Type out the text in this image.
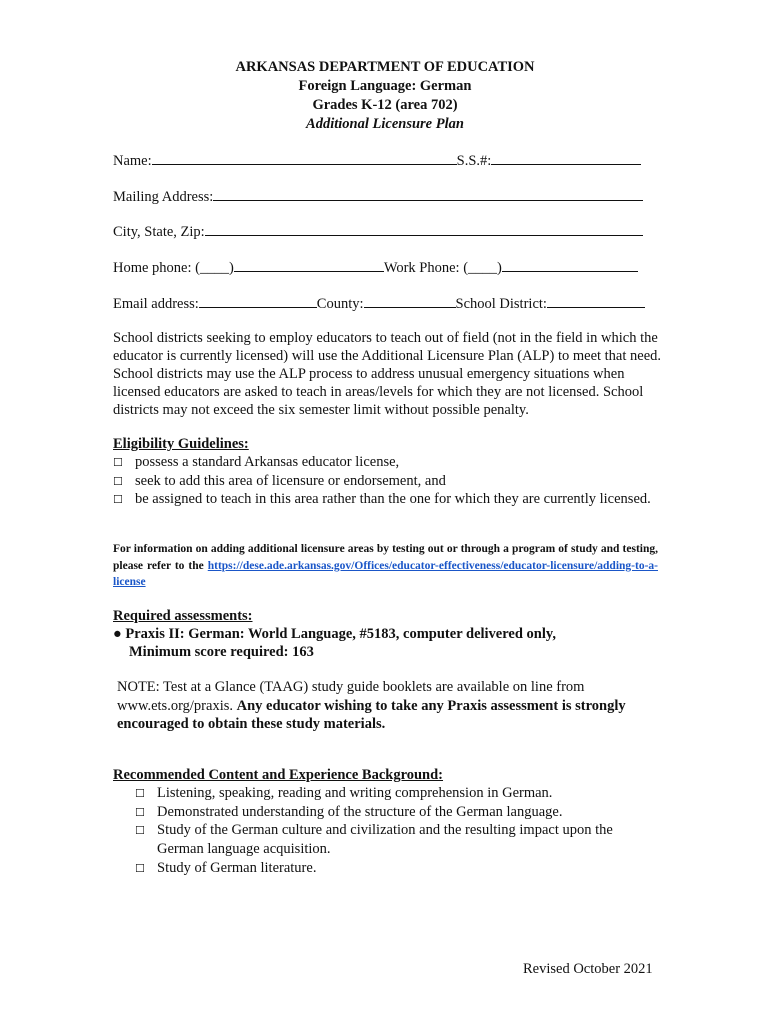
ARKANSAS DEPARTMENT OF EDUCATION
Foreign Language: German
Grades K-12 (area 702)
Additional Licensure Plan
Name:	S.S.#:
Mailing Address:
City, State, Zip:
Home phone: (____)	Work Phone: (____)
Email address:	County:	School District:
School districts seeking to employ educators to teach out of field (not in the field in which the educator is currently licensed) will use the Additional Licensure Plan (ALP) to meet that need. School districts may use the ALP process to address unusual emergency situations when licensed educators are asked to teach in areas/levels for which they are not licensed. School districts may not exceed the six semester limit without possible penalty.
Eligibility Guidelines:
☐ possess a standard Arkansas educator license,
☐ seek to add this area of licensure or endorsement, and
☐ be assigned to teach in this area rather than the one for which they are currently licensed.
For information on adding additional licensure areas by testing out or through a program of study and testing, please refer to the https://dese.ade.arkansas.gov/Offices/educator-effectiveness/educator-licensure/adding-to-a-license
Required assessments:
● Praxis II: German: World Language, #5183, computer delivered only,
Minimum score required: 163
NOTE: Test at a Glance (TAAG) study guide booklets are available on line from www.ets.org/praxis. Any educator wishing to take any Praxis assessment is strongly encouraged to obtain these study materials.
Recommended Content and Experience Background:
☐ Listening, speaking, reading and writing comprehension in German.
☐ Demonstrated understanding of the structure of the German language.
☐ Study of the German culture and civilization and the resulting impact upon the
German language acquisition.
☐ Study of German literature.
Revised October 2021
